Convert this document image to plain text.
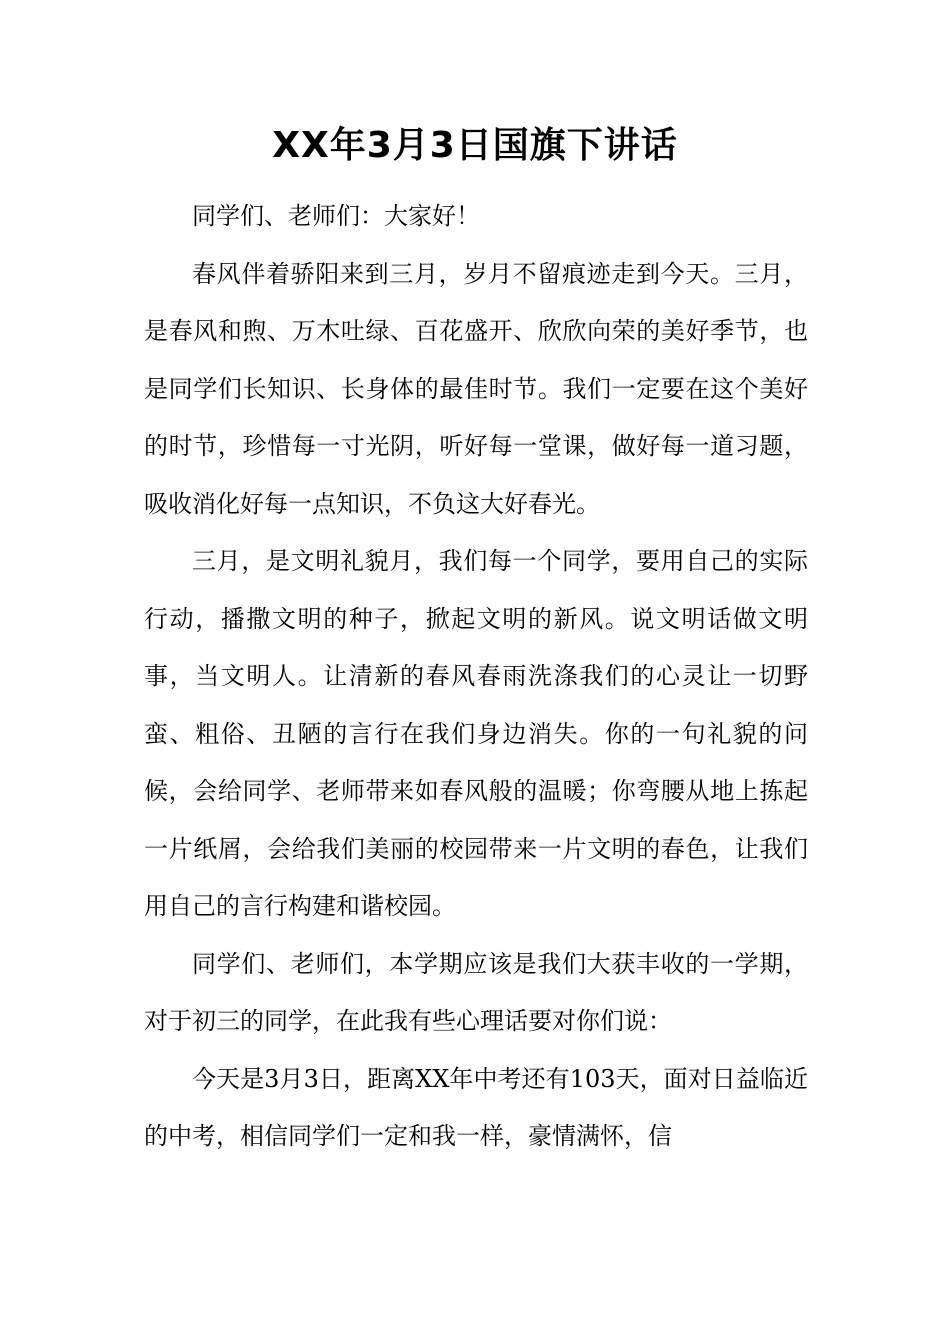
XX年3月3日国旗下讲话

同学们、老师们：大家好！

春风伴着骄阳来到三月，岁月不留痕迹走到今天。三月，是春风和煦、万木吐绿、百花盛开、欣欣向荣的美好季节，也是同学们长知识、长身体的最佳时节。我们一定要在这个美好的时节，珍惜每一寸光阴，听好每一堂课，做好每一道习题，吸收消化好每一点知识，不负这大好春光。

三月，是文明礼貌月，我们每一个同学，要用自己的实际行动，播撒文明的种子，掀起文明的新风。说文明话做文明事，当文明人。让清新的春风春雨洗涤我们的心灵让一切野蛮、粗俗、丑陋的言行在我们身边消失。你的一句礼貌的问候，会给同学、老师带来如春风般的温暖；你弯腰从地上拣起一片纸屑，会给我们美丽的校园带来一片文明的春色，让我们用自己的言行构建和谐校园。

同学们、老师们，本学期应该是我们大获丰收的一学期，对于初三的同学，在此我有些心理话要对你们说：

今天是3月3日，距离XX年中考还有103天，面对日益临近的中考，相信同学们一定和我一样，豪情满怀，信
